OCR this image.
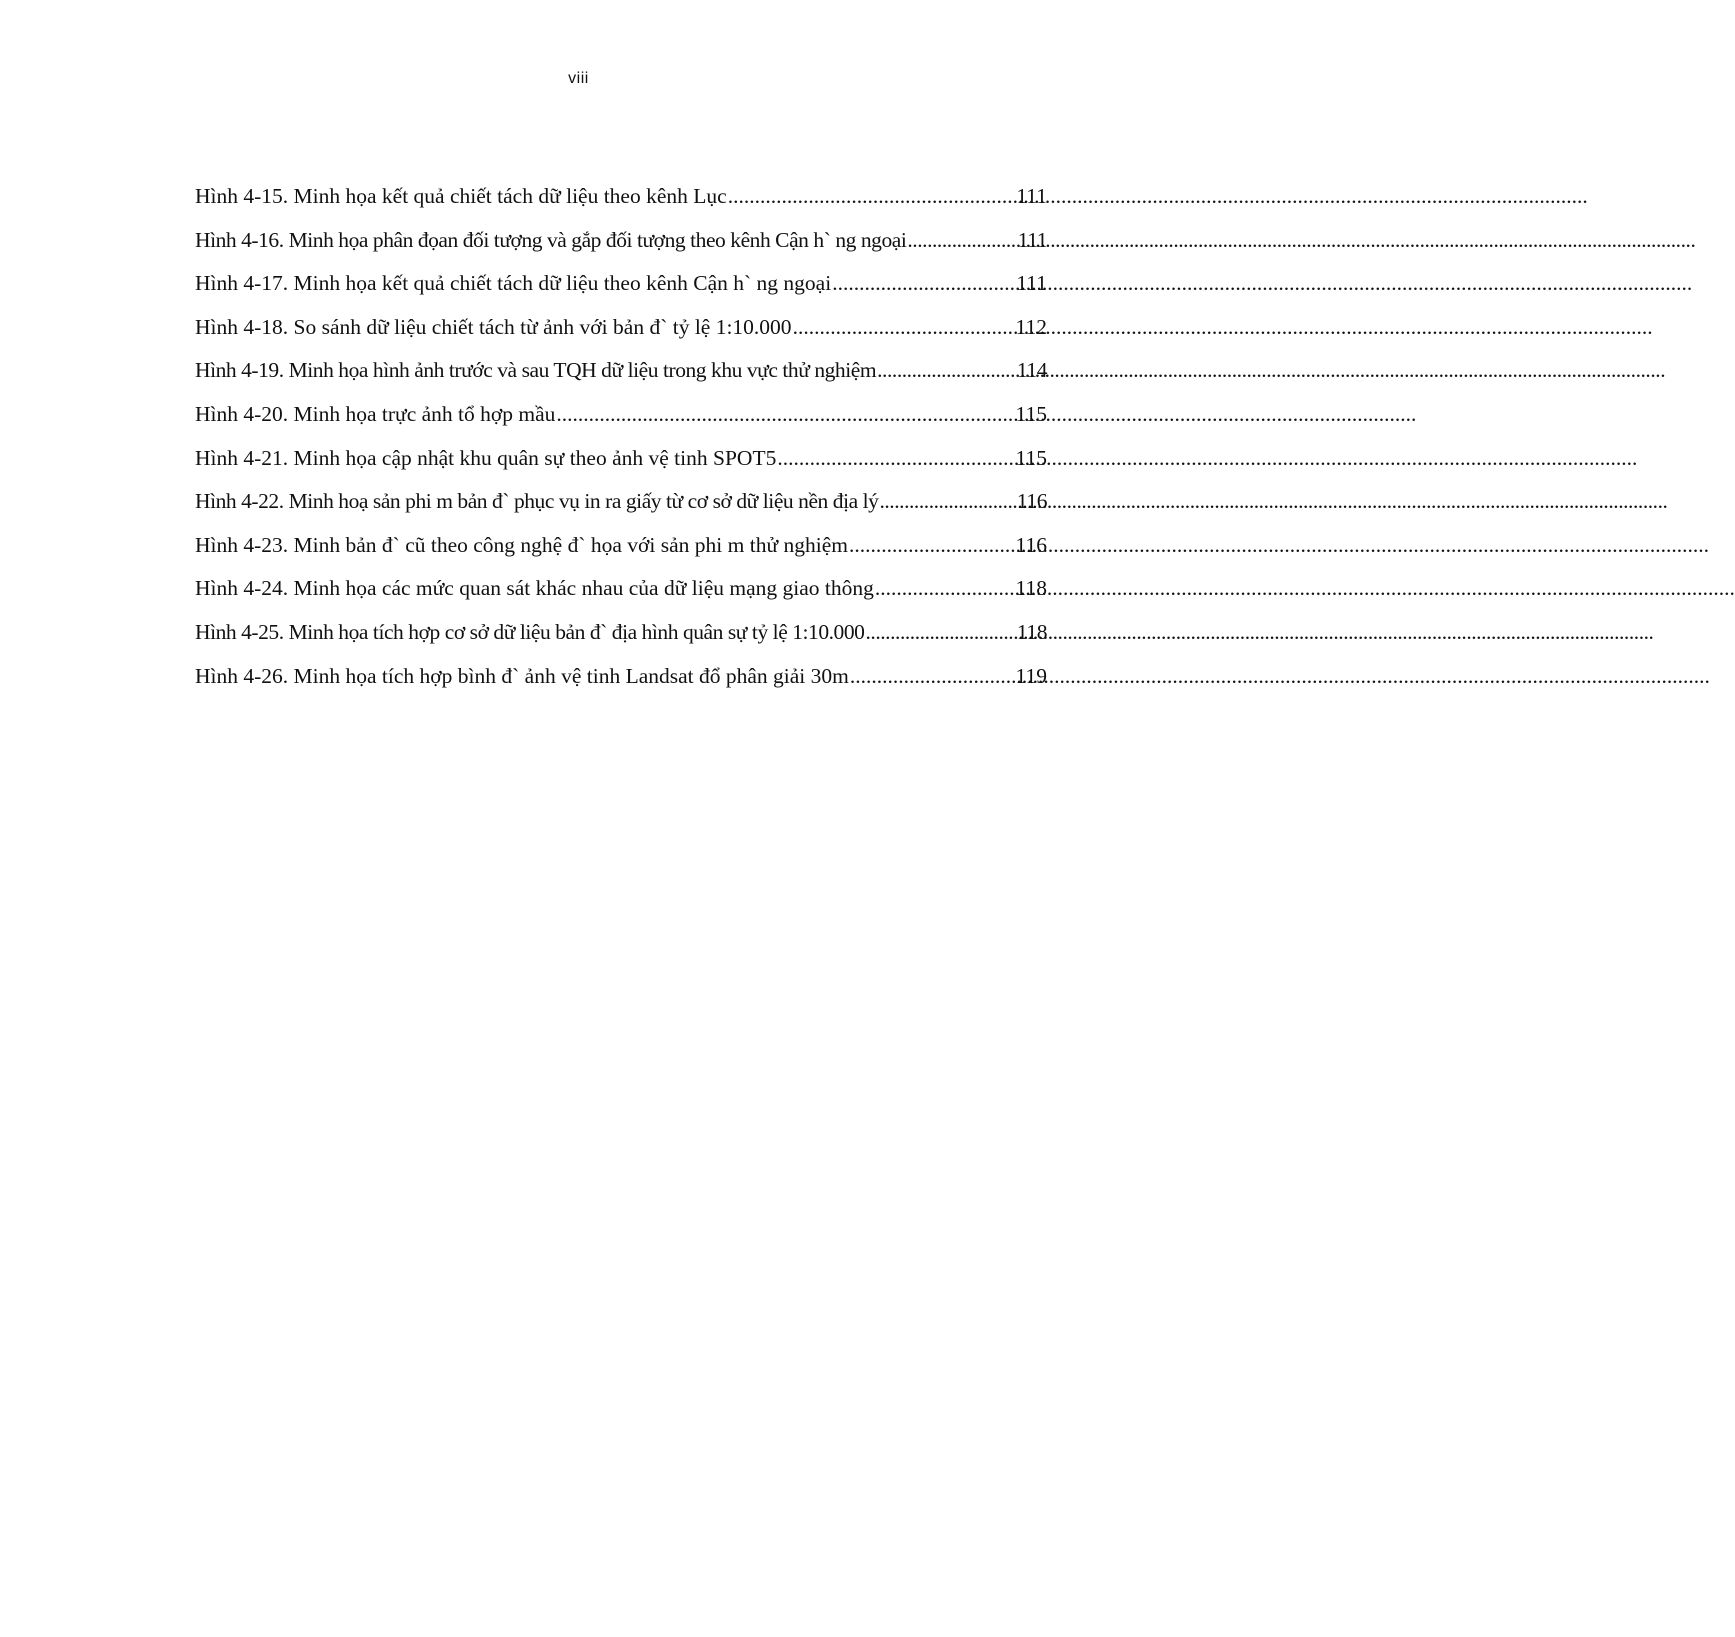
viii
Hình 4-15. Minh họa kết quả chiết tách dữ liệu theo kênh Lục .....	111
Hình 4-16. Minh họa phân đọan đối tượng và gắp đối tượng theo kênh Cận h` ng ngoại .....	111
Hình 4-17. Minh họa kết quả chiết tách dữ liệu theo kênh Cận h` ng ngoại .....	111
Hình 4-18. So sánh dữ liệu chiết tách từ ảnh với bản đ` tỷ lệ 1:10.000 .....	112
Hình 4-19. Minh họa hình ảnh trước và sau TQH dữ liệu trong khu vực thử nghiệm .....	114
Hình 4-20. Minh họa trực ảnh tổ hợp mầu .....	115
Hình 4-21. Minh họa cập nhật khu quân sự theo ảnh vệ tinh SPOT5 .....	115
Hình 4-22. Minh hoạ sản phi m bản đ` phục vụ in ra giấy từ cơ sở dữ liệu nền địa lý .....	116
Hình 4-23. Minh bản đ` cũ theo công nghệ đ` họa với sản phi m thử nghiệm .....	116
Hình 4-24. Minh họa các mức quan sát khác nhau của dữ liệu mạng giao thông .....	118
Hình 4-25. Minh họa tích hợp cơ sở dữ liệu bản đ` địa hình quân sự tỷ lệ 1:10.000 .....	118
Hình 4-26. Minh họa tích hợp bình đ` ảnh vệ tinh Landsat đổ phân giải 30m .....	119
